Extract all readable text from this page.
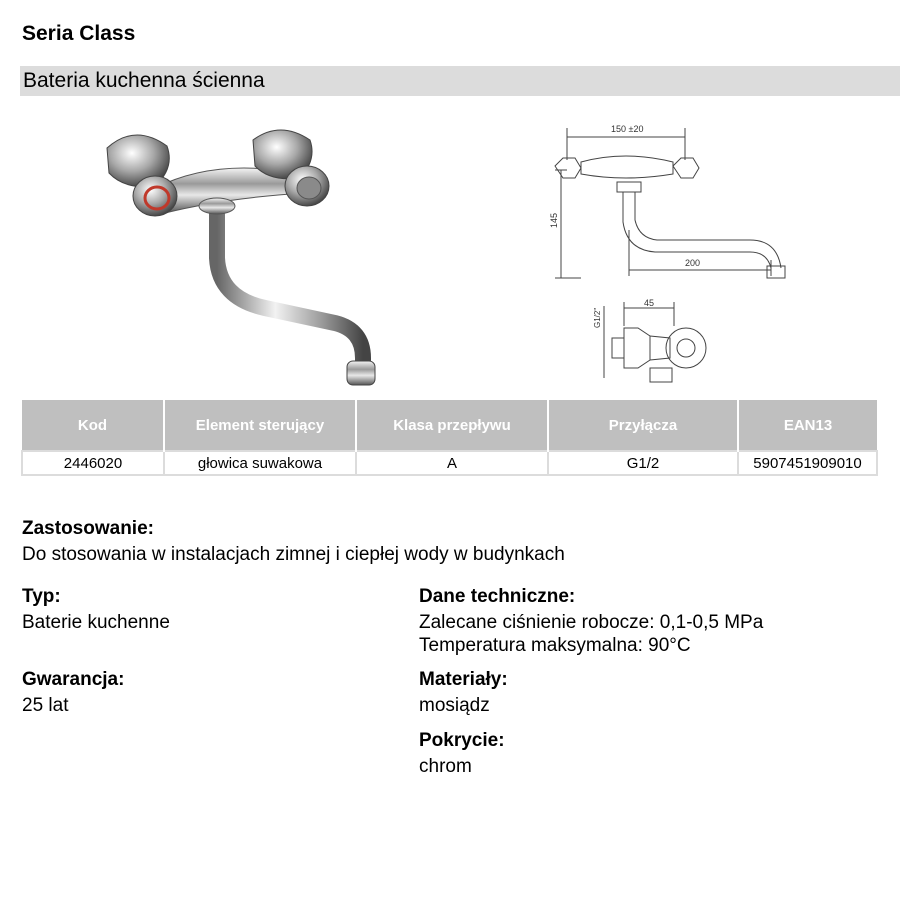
Seria Class
Bateria kuchenna ścienna
150 ±20
145
200
45
G1/2"
Kod	Element sterujący	Klasa przepływu	Przyłącza	EAN13
2446020	głowica suwakowa	A	G1/2	5907451909010
Zastosowanie:
Do stosowania w instalacjach zimnej i ciepłej wody w budynkach
Typ:
Baterie kuchenne
Gwarancja:
25 lat
Dane techniczne:
Zalecane ciśnienie robocze: 0,1-0,5 MPa
Temperatura maksymalna: 90°C
Materiały:
mosiądz
Pokrycie:
chrom
